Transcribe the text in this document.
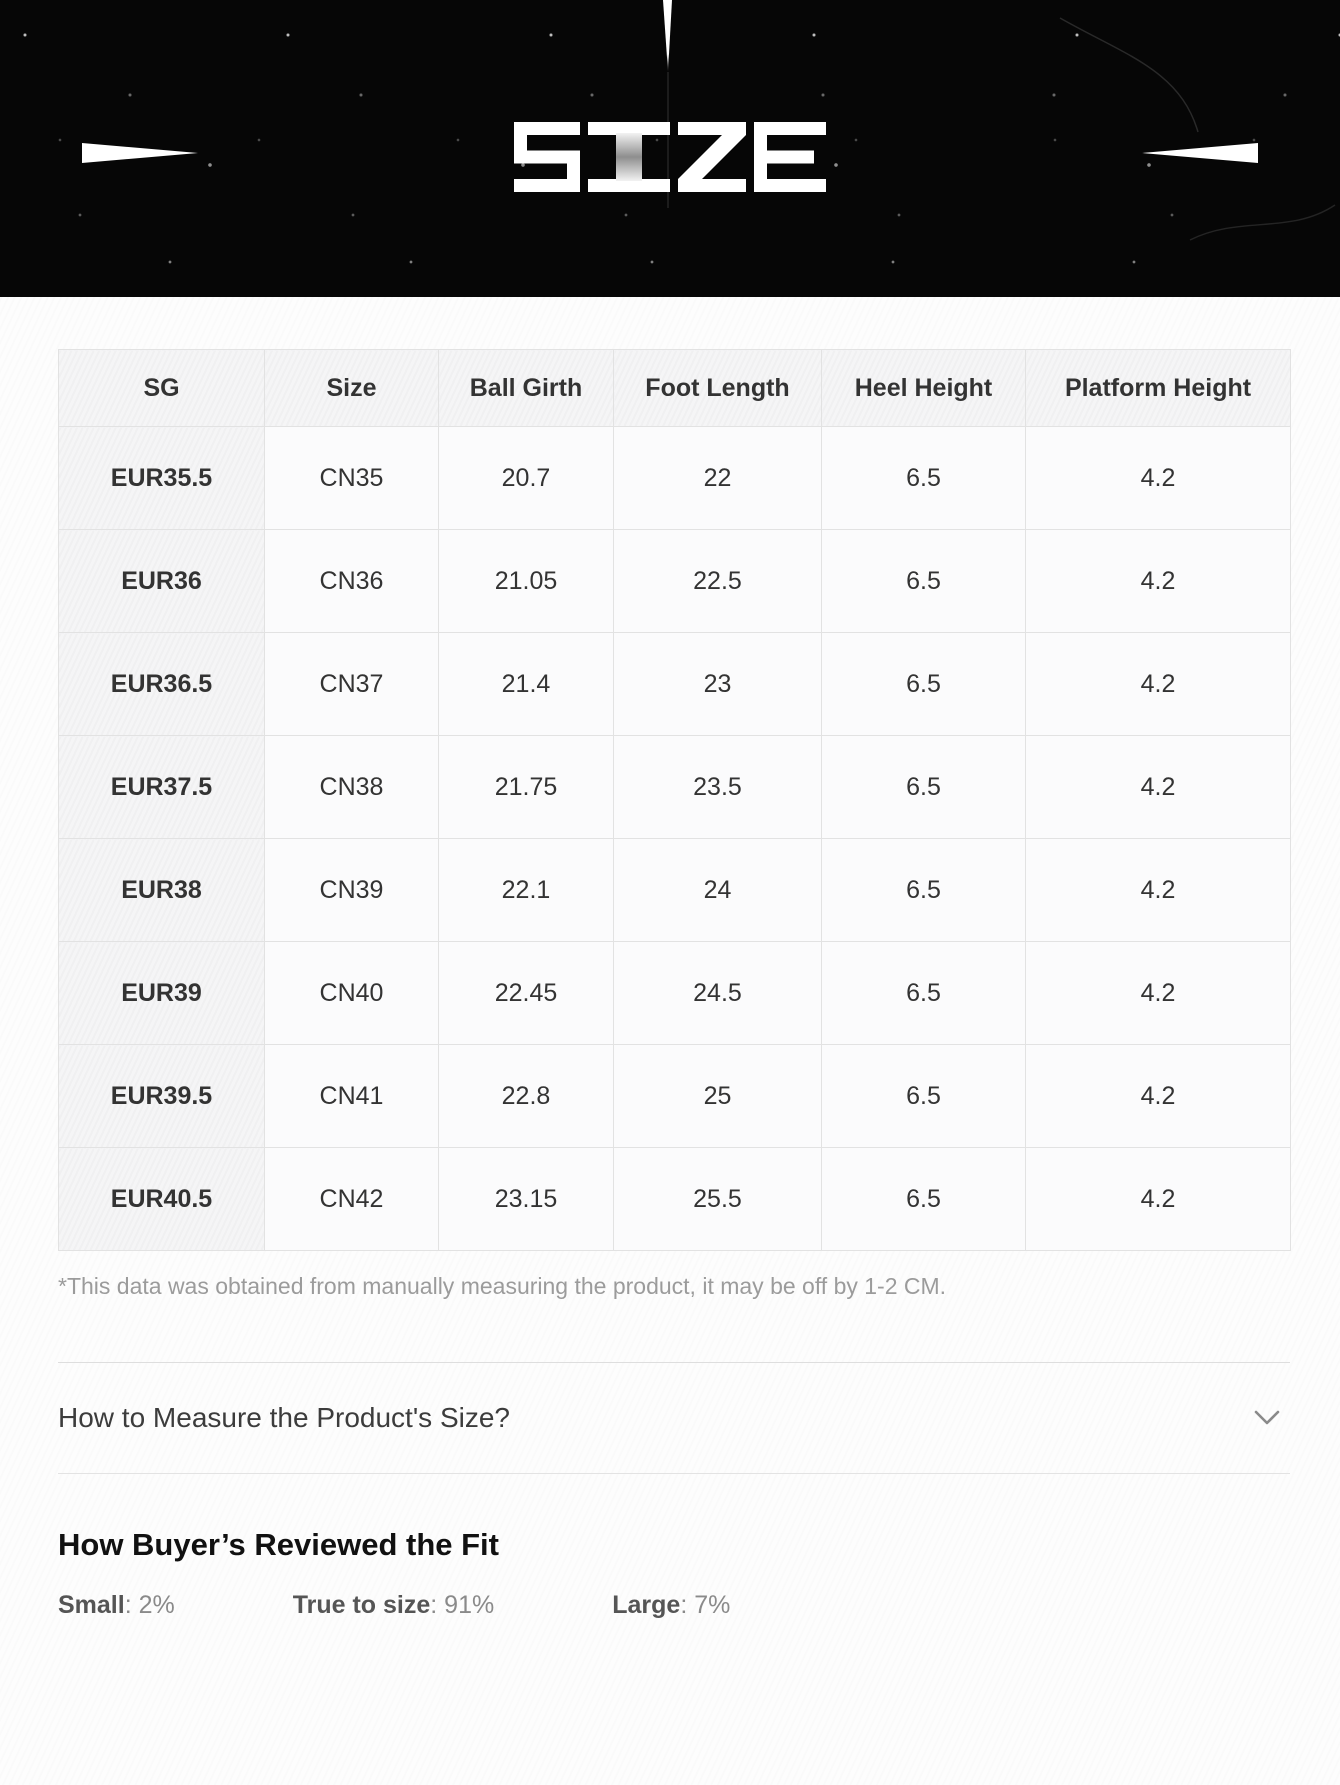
SG	Size	Ball Girth	Foot Length	Heel Height	Platform Height
EUR35.5	CN35	20.7	22	6.5	4.2
EUR36	CN36	21.05	22.5	6.5	4.2
EUR36.5	CN37	21.4	23	6.5	4.2
EUR37.5	CN38	21.75	23.5	6.5	4.2
EUR38	CN39	22.1	24	6.5	4.2
EUR39	CN40	22.45	24.5	6.5	4.2
EUR39.5	CN41	22.8	25	6.5	4.2
EUR40.5	CN42	23.15	25.5	6.5	4.2
*This data was obtained from manually measuring the product, it may be off by 1-2 CM.
How to Measure the Product's Size?
How Buyer’s Reviewed the Fit
Small: 2%	True to size: 91%	Large: 7%
